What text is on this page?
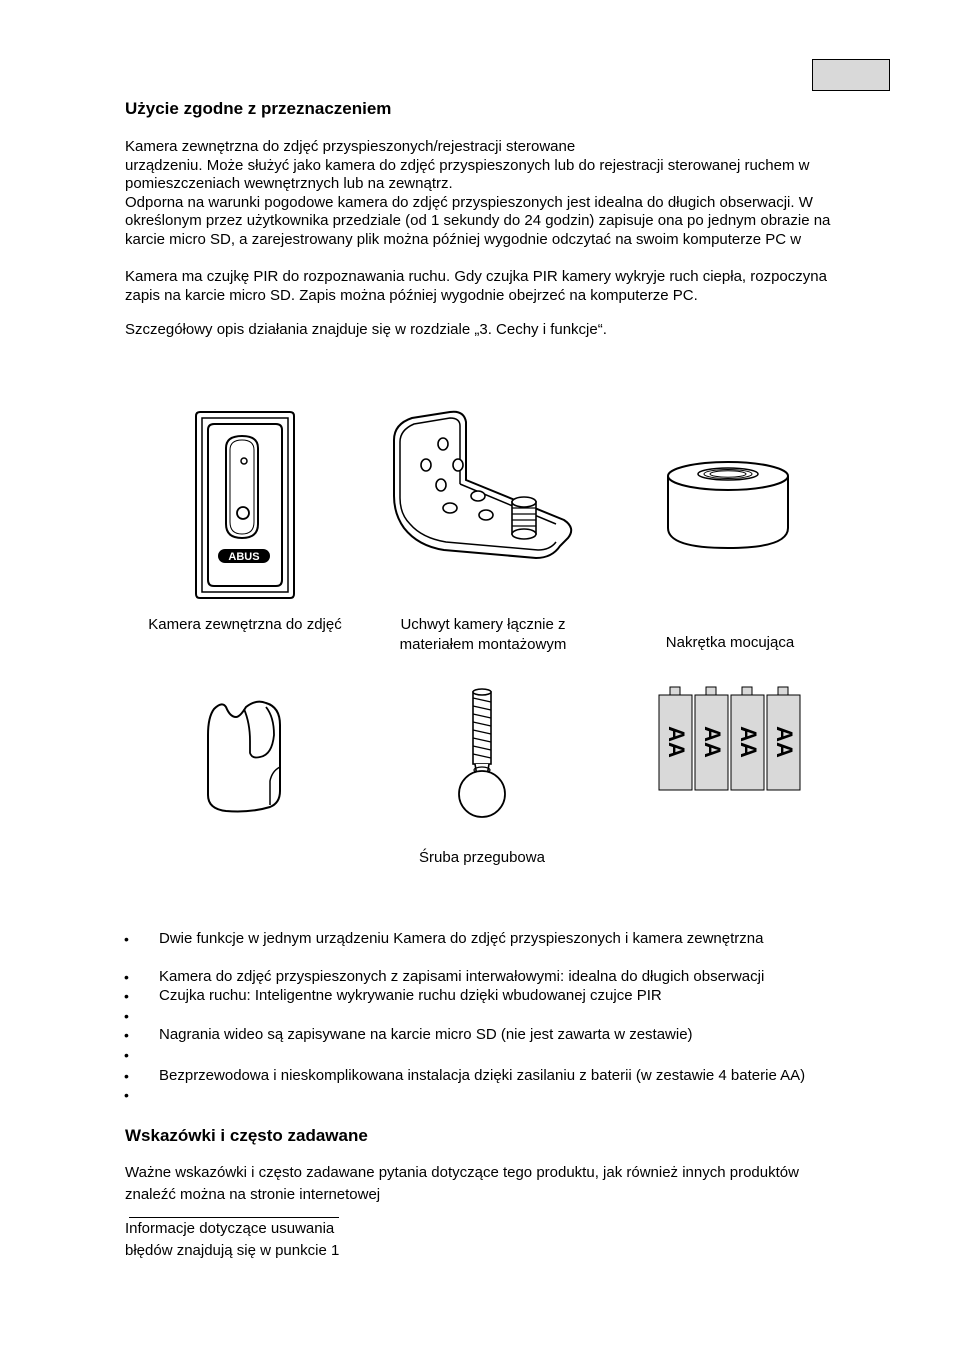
Użycie zgodne z przeznaczeniem
Kamera zewnętrzna do zdjęć przyspieszonych/rejestracji sterowane
urządzeniu. Może służyć jako kamera do zdjęć przyspieszonych lub do rejestracji sterowanej ruchem w
pomieszczeniach wewnętrznych lub na zewnątrz.
Odporna na warunki pogodowe kamera do zdjęć przyspieszonych jest idealna do długich obserwacji. W
określonym przez użytkownika przedziale (od 1 sekundy do 24 godzin) zapisuje ona po jednym obrazie na
karcie micro SD, a zarejestrowany plik można później wygodnie odczytać na swoim komputerze PC w
Kamera ma czujkę PIR do rozpoznawania ruchu. Gdy czujka PIR kamery wykryje ruch ciepła, rozpoczyna
zapis na karcie micro SD. Zapis można później wygodnie obejrzeć na komputerze PC.

Szczegółowy opis działania znajduje się w rozdziale „3. Cechy i funkcje“.

ABUS
Kamera zewnętrzna do zdjęć	Uchwyt kamery łącznie z
materiałem montażowym	Nakrętka mocująca
AA AA AA AA
Śruba przegubowa
• Dwie funkcje w jednym urządzeniu Kamera do zdjęć przyspieszonych i kamera zewnętrzna
• Kamera do zdjęć przyspieszonych z zapisami interwałowymi: idealna do długich obserwacji
• Czujka ruchu: Inteligentne wykrywanie ruchu dzięki wbudowanej czujce PIR
•
• Nagrania wideo są zapisywane na karcie micro SD (nie jest zawarta w zestawie)
•
• Bezprzewodowa i nieskomplikowana instalacja dzięki zasilaniu z baterii (w zestawie 4 baterie AA)
•
Wskazówki i często zadawane
Ważne wskazówki i często zadawane pytania dotyczące tego produktu, jak również innych produktów
znaleźć można na stronie internetowej
Informacje dotyczące usuwania
błędów znajdują się w punkcie 1
